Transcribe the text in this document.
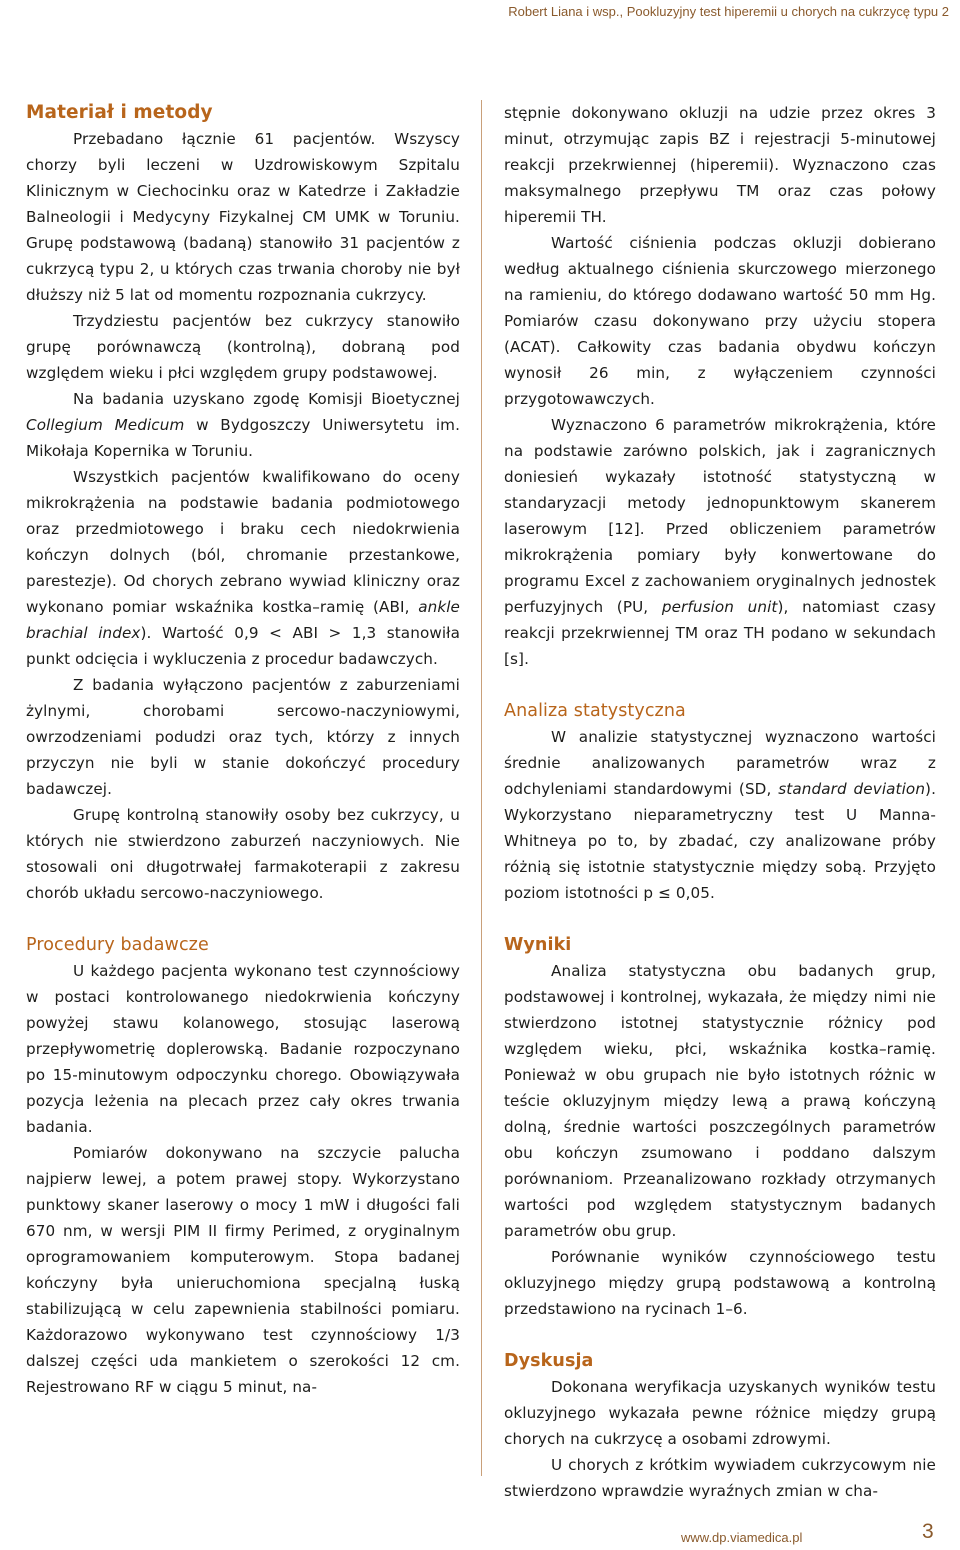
Robert Liana i wsp., Pookluzyjny test hiperemii u chorych na cukrzycę typu 2
Materiał i metody

Przebadano łącznie 61 pacjentów. Wszyscy chorzy byli leczeni w Uzdrowiskowym Szpitalu Klinicznym w Ciechocinku oraz w Katedrze i Zakładzie Balneologii i Medycyny Fizykalnej CM UMK w Toruniu. Grupę podstawową (badaną) stanowiło 31 pacjentów z cukrzycą typu 2, u których czas trwania choroby nie był dłuższy niż 5 lat od momentu rozpoznania cukrzycy.

Trzydziestu pacjentów bez cukrzycy stanowiło grupę porównawczą (kontrolną), dobraną pod względem wieku i płci względem grupy podstawowej.

Na badania uzyskano zgodę Komisji Bioetycznej Collegium Medicum w Bydgoszczy Uniwersytetu im. Mikołaja Kopernika w Toruniu.

Wszystkich pacjentów kwalifikowano do oceny mikrokrążenia na podstawie badania podmiotowego oraz przedmiotowego i braku cech niedokrwienia kończyn dolnych (ból, chromanie przestankowe, parestezje). Od chorych zebrano wywiad kliniczny oraz wykonano pomiar wskaźnika kostka–ramię (ABI, ankle brachial index). Wartość 0,9 < ABI > 1,3 stanowiła punkt odcięcia i wykluczenia z procedur badawczych.

Z badania wyłączono pacjentów z zaburzeniami żylnymi, chorobami sercowo-naczyniowymi, owrzodzeniami podudzi oraz tych, którzy z innych przyczyn nie byli w stanie dokończyć procedury badawczej.

Grupę kontrolną stanowiły osoby bez cukrzycy, u których nie stwierdzono zaburzeń naczyniowych. Nie stosowali oni długotrwałej farmakoterapii z zakresu chorób układu sercowo-naczyniowego.

Procedury badawcze

U każdego pacjenta wykonano test czynnościowy w postaci kontrolowanego niedokrwienia kończyny powyżej stawu kolanowego, stosując laserową przepływometrię doplerowską. Badanie rozpoczynano po 15-minutowym odpoczynku chorego. Obowiązywała pozycja leżenia na plecach przez cały okres trwania badania.

Pomiarów dokonywano na szczycie palucha najpierw lewej, a potem prawej stopy. Wykorzystano punktowy skaner laserowy o mocy 1 mW i długości fali 670 nm, w wersji PIM II firmy Perimed, z oryginalnym oprogramowaniem komputerowym. Stopa badanej kończyny była unieruchomiona specjalną łuską stabilizującą w celu zapewnienia stabilności pomiaru. Każdorazowo wykonywano test czynnościowy 1/3 dalszej części uda mankietem o szerokości 12 cm. Rejestrowano RF w ciągu 5 minut, na-

stępnie dokonywano okluzji na udzie przez okres 3 minut, otrzymując zapis BZ i rejestracji 5-minutowej reakcji przekrwiennej (hiperemii). Wyznaczono czas maksymalnego przepływu TM oraz czas połowy hiperemii TH.

Wartość ciśnienia podczas okluzji dobierano według aktualnego ciśnienia skurczowego mierzonego na ramieniu, do którego dodawano wartość 50 mm Hg. Pomiarów czasu dokonywano przy użyciu stopera (ACAT). Całkowity czas badania obydwu kończyn wynosił 26 min, z wyłączeniem czynności przygotowawczych.

Wyznaczono 6 parametrów mikrokrążenia, które na podstawie zarówno polskich, jak i zagranicznych doniesień wykazały istotność statystyczną w standaryzacji metody jednopunktowym skanerem laserowym [12]. Przed obliczeniem parametrów mikrokrążenia pomiary były konwertowane do programu Excel z zachowaniem oryginalnych jednostek perfuzyjnych (PU, perfusion unit), natomiast czasy reakcji przekrwiennej TM oraz TH podano w sekundach [s].

Analiza statystyczna

W analizie statystycznej wyznaczono wartości średnie analizowanych parametrów wraz z odchyleniami standardowymi (SD, standard deviation). Wykorzystano nieparametryczny test U Manna-Whitneya po to, by zbadać, czy analizowane próby różnią się istotnie statystycznie między sobą. Przyjęto poziom istotności p ≤ 0,05.

Wyniki

Analiza statystyczna obu badanych grup, podstawowej i kontrolnej, wykazała, że między nimi nie stwierdzono istotnej statystycznie różnicy pod względem wieku, płci, wskaźnika kostka–ramię. Ponieważ w obu grupach nie było istotnych różnic w teście okluzyjnym między lewą a prawą kończyną dolną, średnie wartości poszczególnych parametrów obu kończyn zsumowano i poddano dalszym porównaniom. Przeanalizowano rozkłady otrzymanych wartości pod względem statystycznym badanych parametrów obu grup.

Porównanie wyników czynnościowego testu okluzyjnego między grupą podstawową a kontrolną przedstawiono na rycinach 1–6.

Dyskusja

Dokonana weryfikacja uzyskanych wyników testu okluzyjnego wykazała pewne różnice między grupą chorych na cukrzycę a osobami zdrowymi.

U chorych z krótkim wywiadem cukrzycowym nie stwierdzono wprawdzie wyraźnych zmian w cha-

www.dp.viamedica.pl	3
